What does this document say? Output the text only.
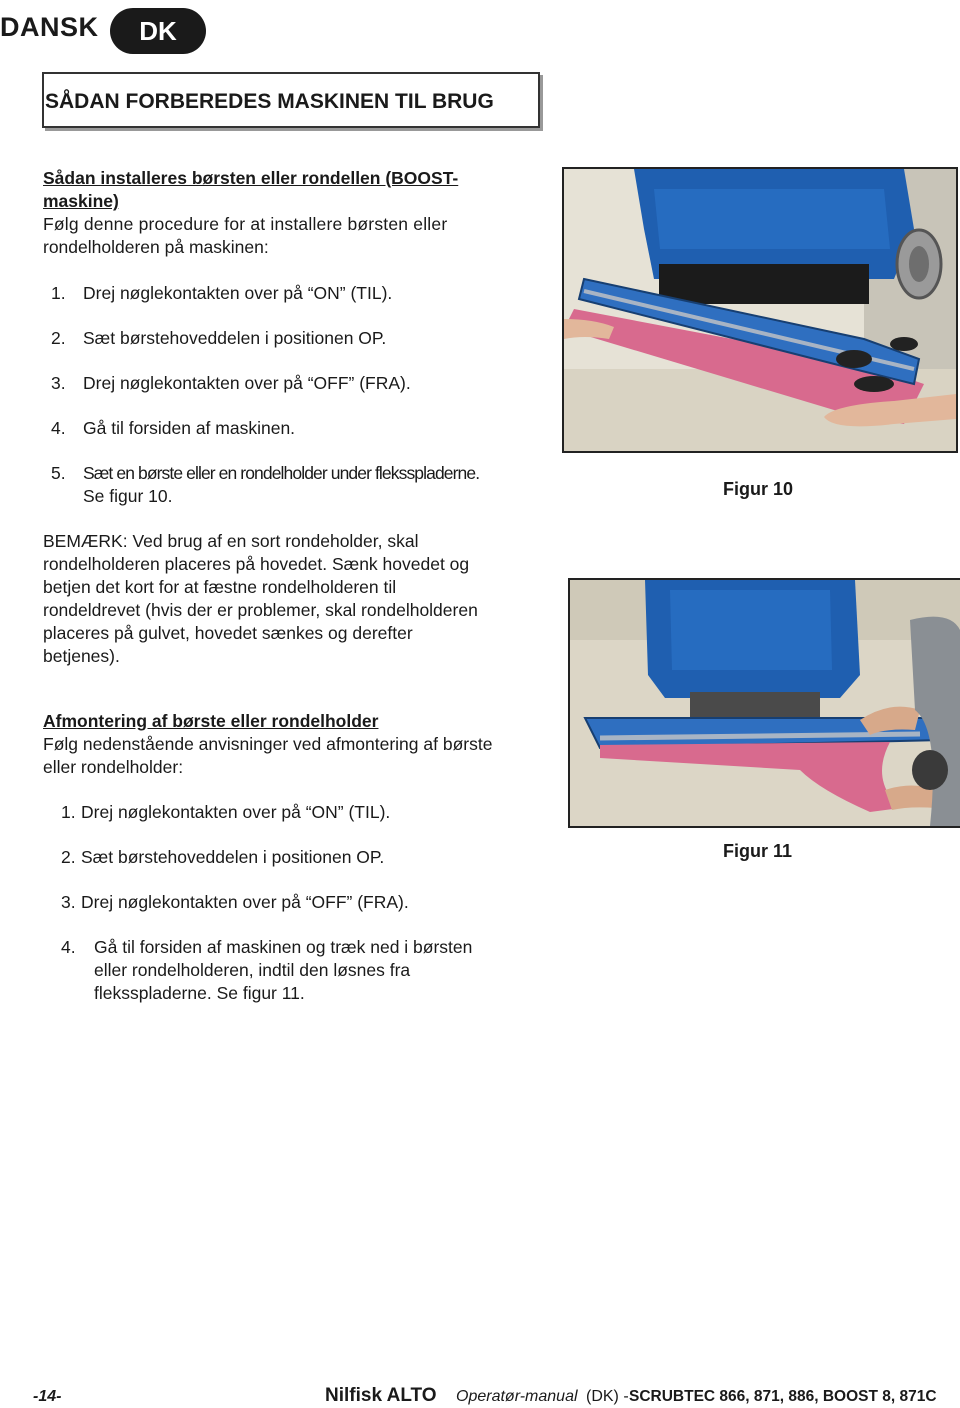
DANSK	DK
SÅDAN FORBEREDES MASKINEN TIL BRUG
Sådan installeres børsten eller rondellen (BOOST-
maskine)
Følg denne procedure for at installere børsten eller
rondelholderen på maskinen:
1. Drej nøglekontakten over på “ON” (TIL).
2. Sæt børstehoveddelen i positionen OP.
3. Drej nøglekontakten over på “OFF” (FRA).
4. Gå til forsiden af maskinen.
5. Sæt en børste eller en rondelholder under fleksspladerne.
Se figur 10.
BEMÆRK: Ved brug af en sort rondeholder, skal
rondelholderen placeres på hovedet. Sænk hovedet og
betjen det kort for at fæstne rondelholderen til
rondeldrevet (hvis der er problemer, skal rondelholderen
placeres på gulvet, hovedet sænkes og derefter
betjenes).
Afmontering af børste eller rondelholder
Følg nedenstående anvisninger ved afmontering af børste
eller rondelholder:
1. Drej nøglekontakten over på “ON” (TIL).
2. Sæt børstehoveddelen i positionen OP.
3. Drej nøglekontakten over på “OFF” (FRA).
4. Gå til forsiden af maskinen og træk ned i børsten
eller rondelholderen, indtil den løsnes fra
fleksspladerne. Se figur 11.
Figur 10
Figur 11
-14-	Nilfisk ALTO Operatør-manual (DK) - SCRUBTEC 866, 871, 886, BOOST 8, 871C
